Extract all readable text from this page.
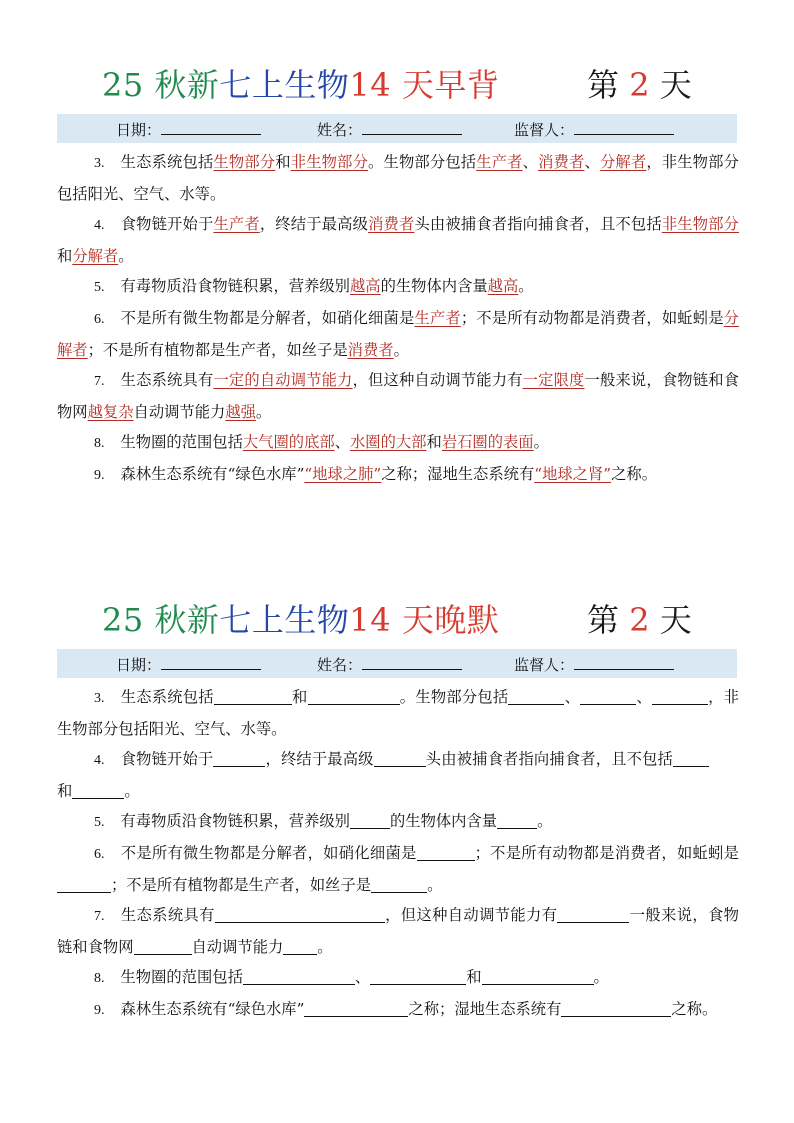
25 秋新七上生物14 天早背	第 2 天
日期：	姓名：	监督人：
3. 生态系统包括生物部分和非生物部分。生物部分包括生产者、消费者、分解者，非生物部分包括阳光、空气、水等。
4. 食物链开始于生产者，终结于最高级消费者头由被捕食者指向捕食者，且不包括非生物部分和分解者。
5. 有毒物质沿食物链积累，营养级别越高的生物体内含量越高。
6. 不是所有微生物都是分解者，如硝化细菌是生产者；不是所有动物都是消费者，如蚯蚓是分解者；不是所有植物都是生产者，如丝子是消费者。
7. 生态系统具有一定的自动调节能力，但这种自动调节能力有一定限度一般来说，食物链和食物网越复杂自动调节能力越强。
8. 生物圈的范围包括大气圈的底部、水圈的大部和岩石圈的表面。
9. 森林生态系统有“绿色水库”“地球之肺”之称；湿地生态系统有“地球之肾”之称。
25 秋新七上生物14 天晚默	第 2 天
日期：	姓名：	监督人：
3. 生态系统包括	和	。生物部分包括	、	、	，非生物部分包括阳光、空气、水等。
4. 食物链开始于	，终结于最高级	头由被捕食者指向捕食者，且不包括和	。
5. 有毒物质沿食物链积累，营养级别	的生物体内含量	。
6. 不是所有微生物都是分解者，如硝化细菌是	；不是所有动物都是消费者，如蚯蚓是；不是所有植物都是生产者，如丝子是	。
7. 生态系统具有	，但这种自动调节能力有	一般来说，食物链和食物网	自动调节能力 。
8. 生物圈的范围包括	、	和	。
9. 森林生态系统有“绿色水库”	之称；湿地生态系统有	之称。
